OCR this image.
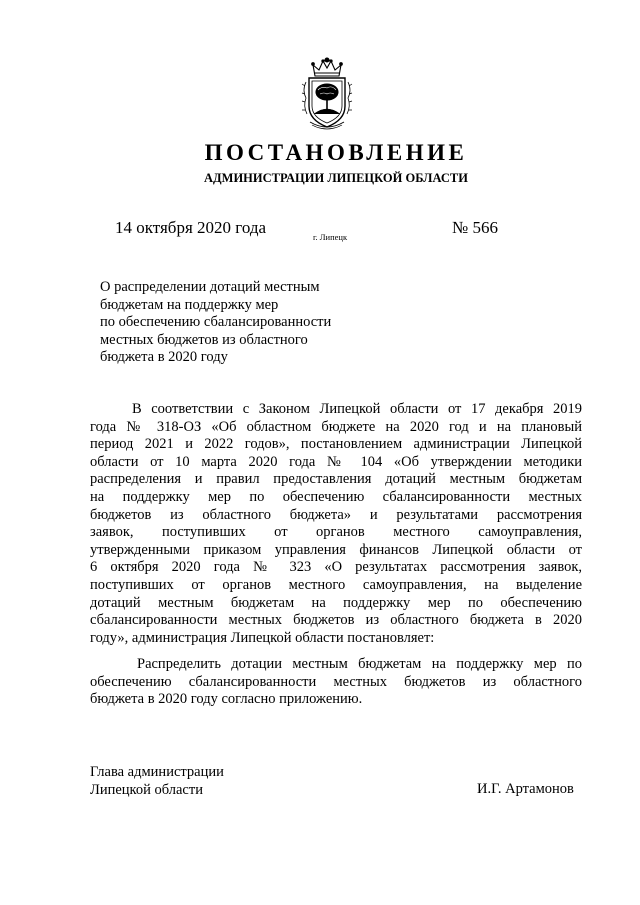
ПОСТАНОВЛЕНИЕ
АДМИНИСТРАЦИИ ЛИПЕЦКОЙ ОБЛАСТИ
14 октября 2020 года	г. Липецк	№ 566
О распределении дотаций местным
бюджетам на поддержку мер
по обеспечению сбалансированности
местных бюджетов из областного
бюджета в 2020 году
В соответствии с Законом Липецкой области от 17 декабря 2019
года № 318-ОЗ «Об областном бюджете на 2020 год и на плановый
период 2021 и 2022 годов», постановлением администрации Липецкой
области от 10 марта 2020 года № 104 «Об утверждении методики
распределения и правил предоставления дотаций местным бюджетам
на поддержку мер по обеспечению сбалансированности местных
бюджетов из областного бюджета» и результатами рассмотрения
заявок, поступивших от органов местного самоуправления,
утвержденными приказом управления финансов Липецкой области от
6 октября 2020 года № 323 «О результатах рассмотрения заявок,
поступивших от органов местного самоуправления, на выделение
дотаций местным бюджетам на поддержку мер по обеспечению
сбалансированности местных бюджетов из областного бюджета в 2020
году», администрация Липецкой области постановляет:
Распределить дотации местным бюджетам на поддержку мер по
обеспечению сбалансированности местных бюджетов из областного
бюджета в 2020 году согласно приложению.
Глава администрации
Липецкой области	И.Г. Артамонов
